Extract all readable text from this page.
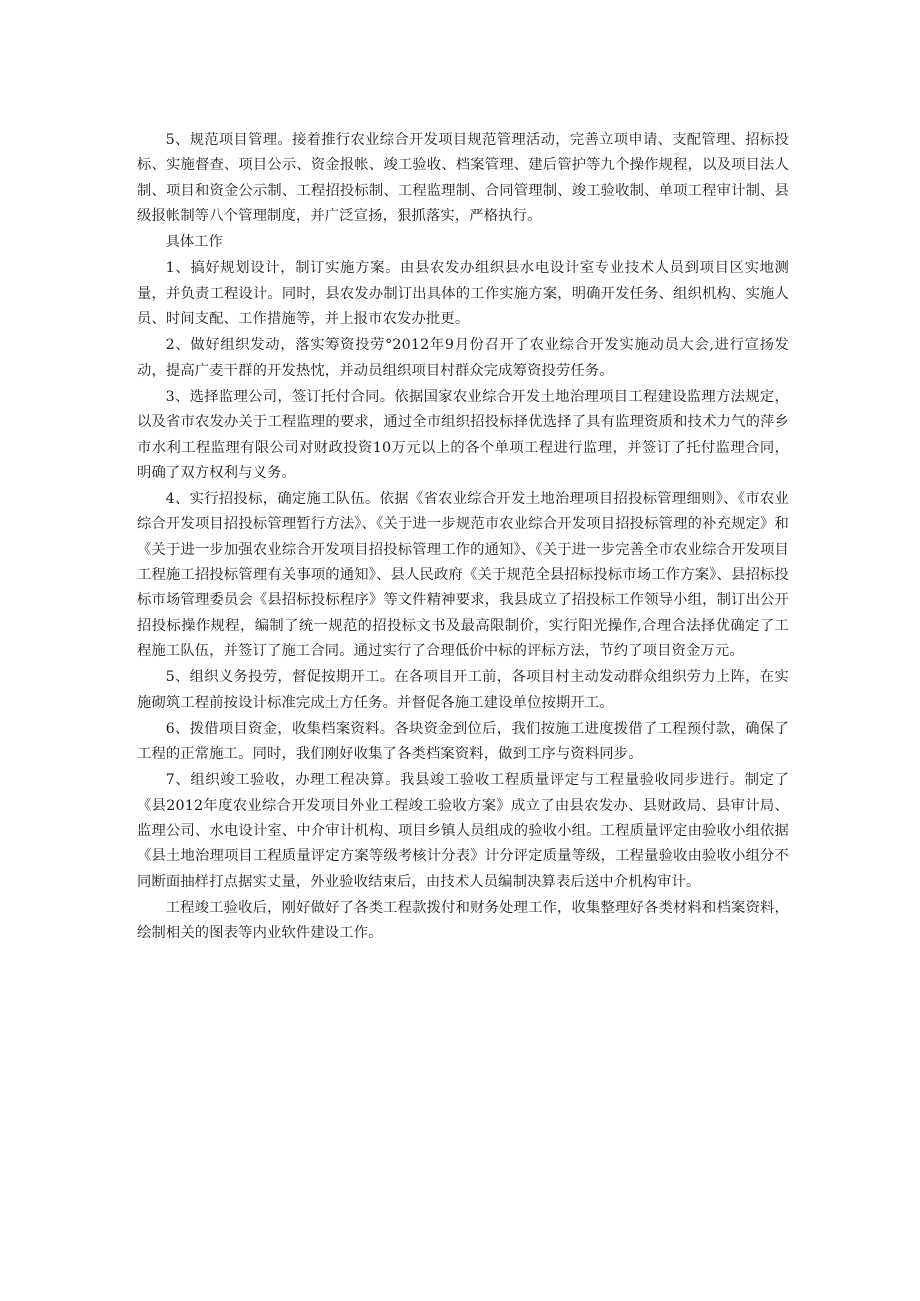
5、规范项目管理。接着推行农业综合开发项目规范管理活动，完善立项申请、支配管理、招标投标、实施督查、项目公示、资金报帐、竣工验收、档案管理、建后管护等九个操作规程，以及项目法人制、项目和资金公示制、工程招投标制、工程监理制、合同管理制、竣工验收制、单项工程审计制、县级报帐制等八个管理制度，并广泛宣扬，狠抓落实，严格执行。

具体工作

1、搞好规划设计，制订实施方案。由县农发办组织县水电设计室专业技术人员到项目区实地测量，并负责工程设计。同时，县农发办制订出具体的工作实施方案，明确开发任务、组织机构、实施人员、时间支配、工作措施等，并上报市农发办批更。

2、做好组织发动，落实筹资投劳°2012年9月份召开了农业综合开发实施动员大会,进行宣扬发动，提高广麦干群的开发热忱，并动员组织项目村群众完成筹资投劳任务。

3、选择监理公司，签订托付合同。依据国家农业综合开发土地治理项目工程建设监理方法规定，以及省市农发办关于工程监理的要求，通过全市组织招投标择优选择了具有监理资质和技术力气的萍乡市水利工程监理有限公司对财政投资10万元以上的各个单项工程进行监理，并签订了托付监理合同，明确了双方权利与义务。

4、实行招投标，确定施工队伍。依据《省农业综合开发土地治理项目招投标管理细则》、《市农业综合开发项目招投标管理暂行方法》、《关于进一步规范市农业综合开发项目招投标管理的补充规定》和《关于进一步加强农业综合开发项目招投标管理工作的通知》、《关于进一步完善全市农业综合开发项目工程施工招投标管理有关事项的通知》、县人民政府《关于规范全县招标投标市场工作方案》、县招标投标市场管理委员会《县招标投标程序》等文件精神要求，我县成立了招投标工作领导小组，制订出公开招投标操作规程，编制了统一规范的招投标文书及最高限制价，实行阳光操作,合理合法择优确定了工程施工队伍，并签订了施工合同。通过实行了合理低价中标的评标方法，节约了项目资金万元。

5、组织义务投劳，督促按期开工。在各项目开工前，各项目村主动发动群众组织劳力上阵，在实施砌筑工程前按设计标准完成土方任务。并督促各施工建设单位按期开工。

6、拨借项目资金，收集档案资料。各块资金到位后，我们按施工进度拨借了工程预付款，确保了工程的正常施工。同时，我们刚好收集了各类档案资料，做到工序与资料同步。

7、组织竣工验收，办理工程决算。我县竣工验收工程质量评定与工程量验收同步进行。制定了《县2012年度农业综合开发项目外业工程竣工验收方案》成立了由县农发办、县财政局、县审计局、监理公司、水电设计室、中介审计机构、项目乡镇人员组成的验收小组。工程质量评定由验收小组依据《县土地治理项目工程质量评定方案等级考核计分表》计分评定质量等级，工程量验收由验收小组分不同断面抽样打点据实丈量，外业验收结束后，由技术人员编制决算表后送中介机构审计。

工程竣工验收后，刚好做好了各类工程款拨付和财务处理工作，收集整理好各类材料和档案资料，绘制相关的图表等内业软件建设工作。
